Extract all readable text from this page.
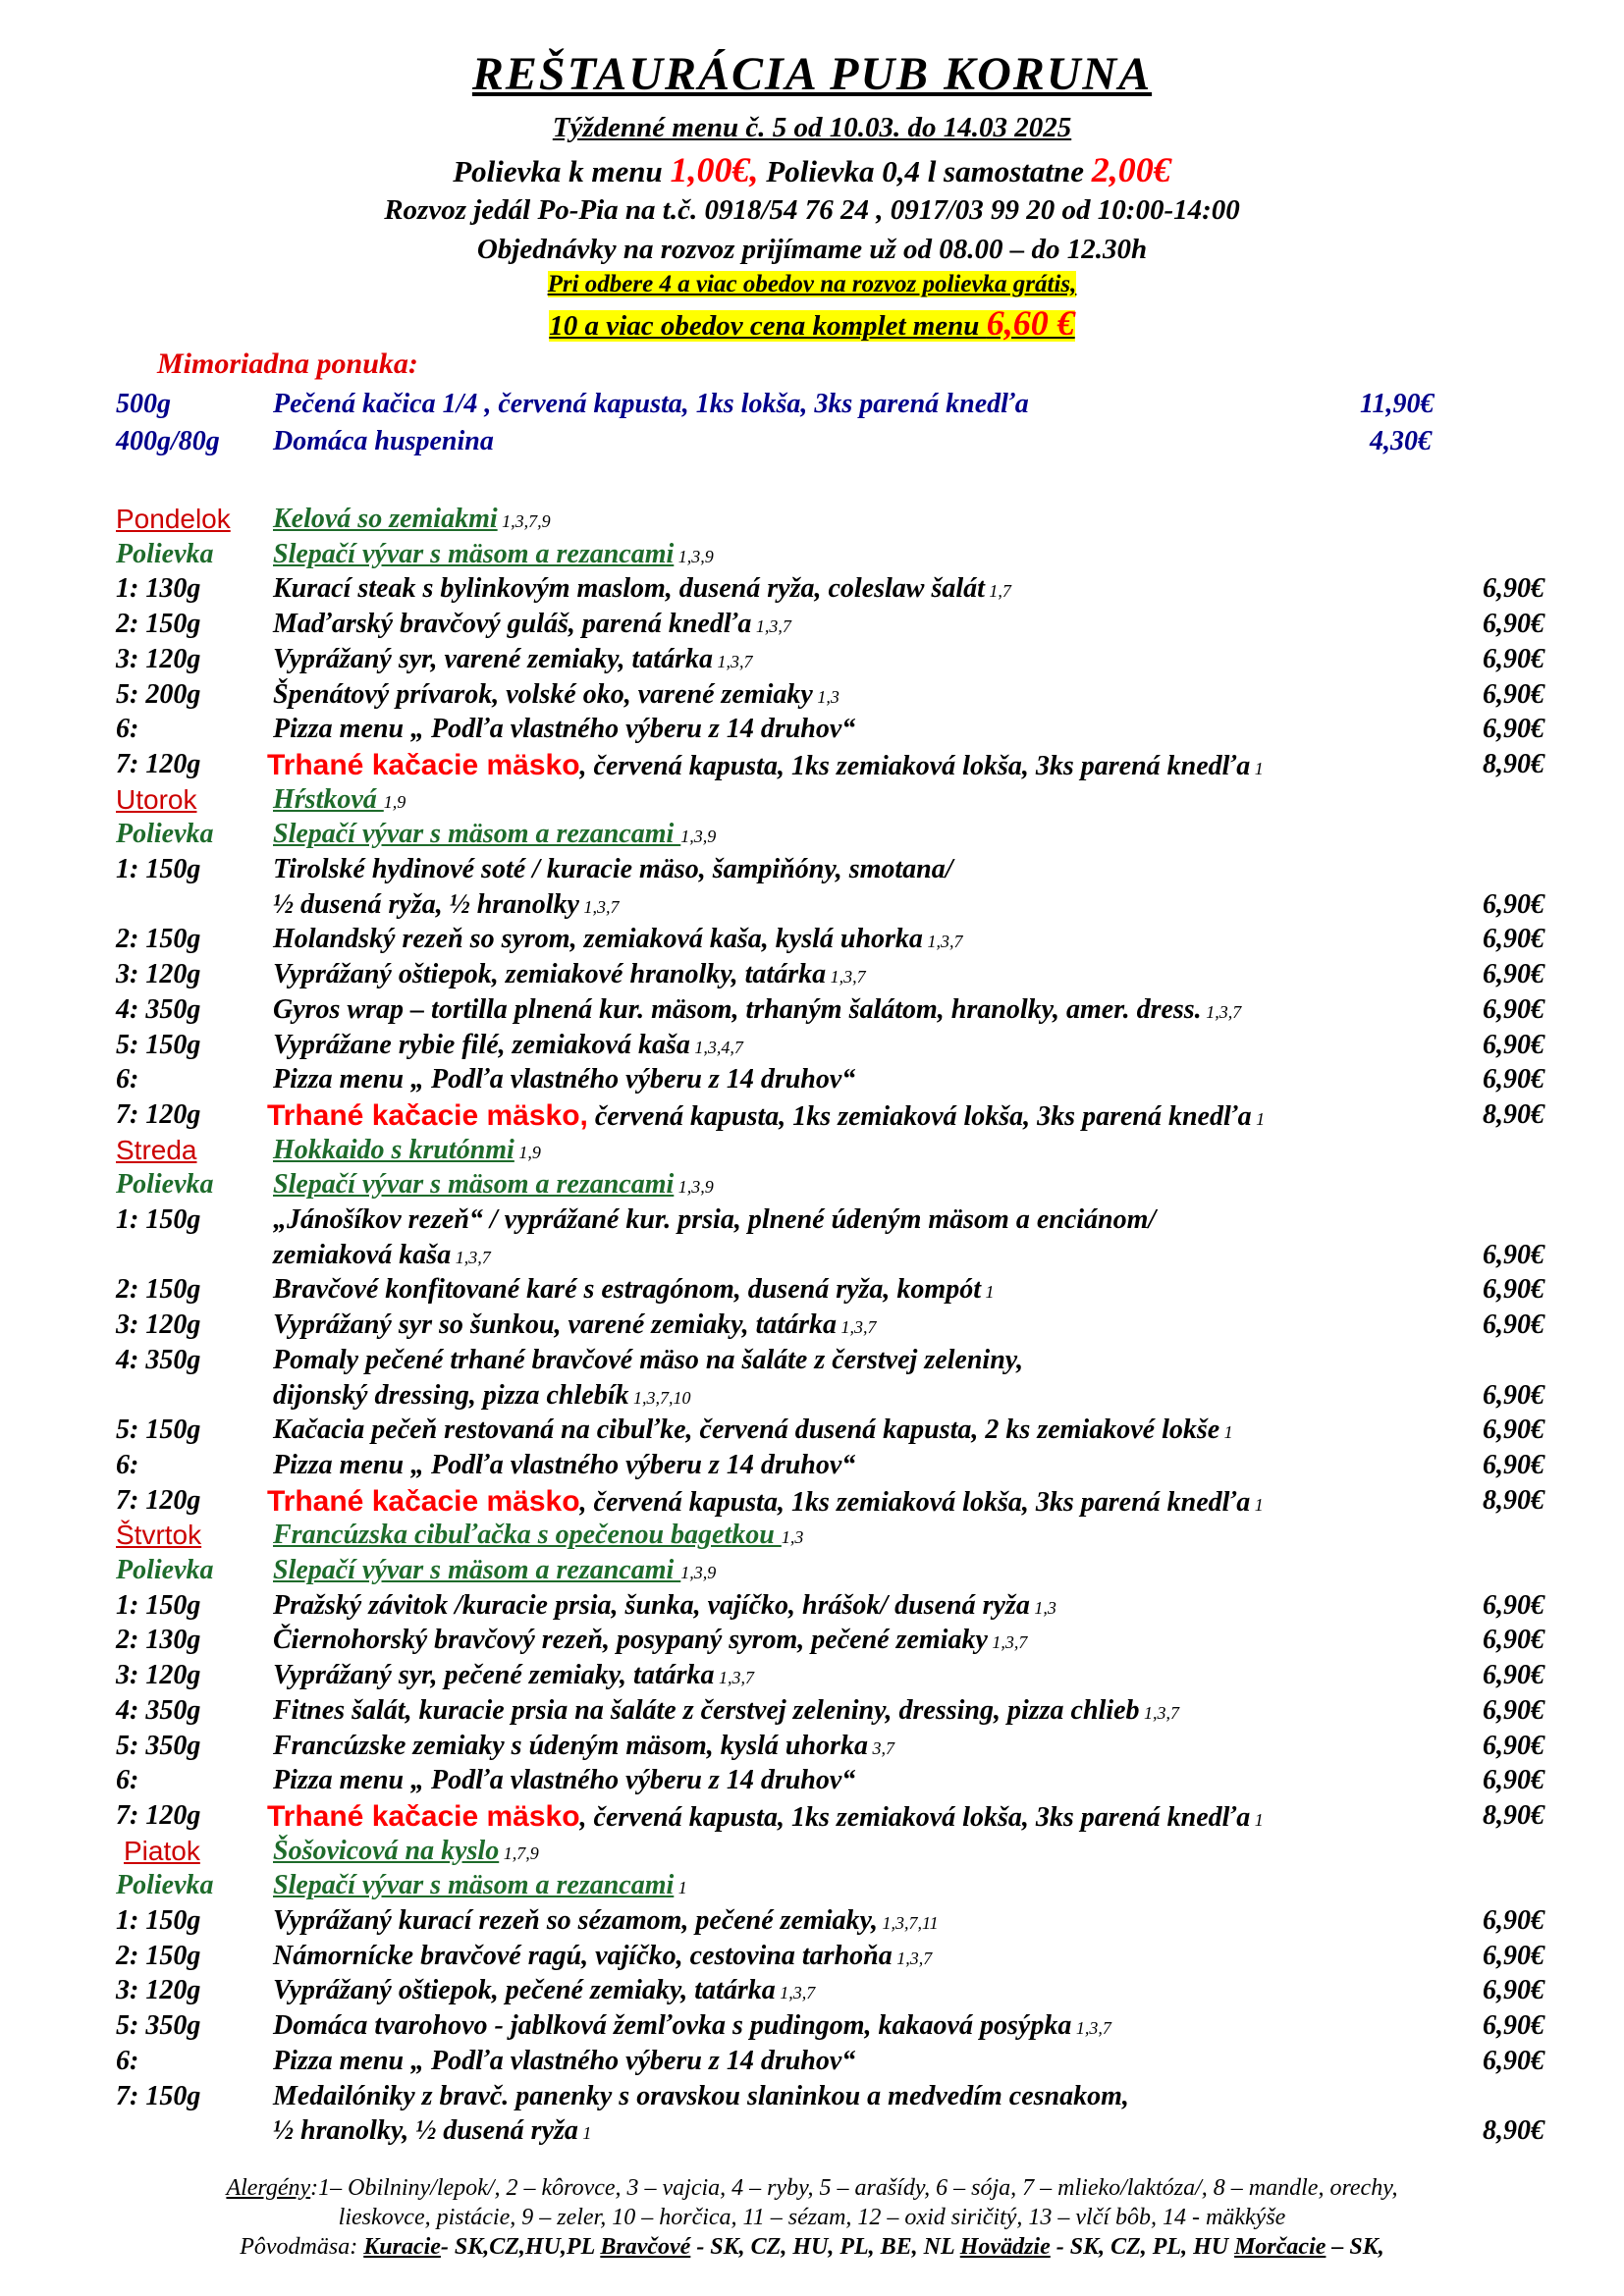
REŠTAURÁCIA PUB KORUNA
Týždenné menu č. 5 od 10.03. do 14.03 2025
Polievka k menu 1,00€, Polievka 0,4 l samostatne 2,00€
Rozvoz jedál Po-Pia na t.č. 0918/54 76 24 , 0917/03 99 20 od 10:00-14:00
Objednávky na rozvoz prijímame už od 08.00 – do 12.30h
Pri odbere 4 a viac obedov na rozvoz polievka grátis,
10 a viac obedov cena komplet menu 6,60 €
Mimoriadna ponuka:
500g	Pečená kačica 1/4 , červená kapusta, 1ks lokša, 3ks parená knedľa	11,90€
400g/80g Domáca huspenina	4,30€
Pondelok Kelová so zemiakmi 1,3,7,9
Polievka Slepačí vývar s mäsom a rezancami 1,3,9
1: 130g	Kurací steak s bylinkovým maslom, dusená ryža, coleslaw šalát 1,7	6,90€
2: 150g	Maďarský bravčový guláš, parená knedľa 1,3,7	6,90€
3: 120g	Vyprážaný syr, varené zemiaky, tatárka 1,3,7	6,90€
5: 200g	Špenátový prívarok, volské oko, varené zemiaky 1,3	6,90€
6:	Pizza menu „ Podľa vlastného výberu z 14 druhov“	6,90€
7: 120g Trhané kačacie mäsko, červená kapusta, 1ks zemiaková lokša, 3ks parená knedľa 1	8,90€
Utorok	Hŕstková 1,9
Polievka Slepačí vývar s mäsom a rezancami 1,3,9
1: 150g	Tirolské hydinové soté / kuracie mäso, šampiňóny, smotana/
½ dusená ryža, ½ hranolky 1,3,7	6,90€
2: 150g	Holandský rezeň so syrom, zemiaková kaša, kyslá uhorka 1,3,7	6,90€
3: 120g	Vyprážaný oštiepok, zemiakové hranolky, tatárka 1,3,7	6,90€
4: 350g	Gyros wrap – tortilla plnená kur. mäsom, trhaným šalátom, hranolky, amer. dress. 1,3,7	6,90€
5: 150g	Vyprážane rybie filé, zemiaková kaša 1,3,4,7	6,90€
6:	Pizza menu „ Podľa vlastného výberu z 14 druhov“	6,90€
7: 120g Trhané kačacie mäsko, červená kapusta, 1ks zemiaková lokša, 3ks parená knedľa 1	8,90€
Streda	Hokkaido s krutónmi 1,9
Polievka Slepačí vývar s mäsom a rezancami 1,3,9
1: 150g	„Jánošíkov rezeň“ / vyprážané kur. prsia, plnené údeným mäsom a enciánom/
zemiaková kaša 1,3,7	6,90€
2: 150g	Bravčové konfitované karé s estragónom, dusená ryža, kompót 1	6,90€
3: 120g	Vyprážaný syr so šunkou, varené zemiaky, tatárka 1,3,7	6,90€
4: 350g	Pomaly pečené trhané bravčové mäso na šaláte z čerstvej zeleniny,
dijonský dressing, pizza chlebík 1,3,7,10	6,90€
5: 150g	Kačacia pečeň restovaná na cibuľke, červená dusená kapusta, 2 ks zemiakové lokše 1	6,90€
6:	Pizza menu „ Podľa vlastného výberu z 14 druhov“	6,90€
7: 120g Trhané kačacie mäsko, červená kapusta, 1ks zemiaková lokša, 3ks parená knedľa 1	8,90€
Štvrtok	Francúzska cibuľačka s opečenou bagetkou 1,3
Polievka Slepačí vývar s mäsom a rezancami 1,3,9
1: 150g	Pražský závitok /kuracie prsia, šunka, vajíčko, hrášok/ dusená ryža 1,3	6,90€
2: 130g	Čiernohorský bravčový rezeň, posypaný syrom, pečené zemiaky 1,3,7	6,90€
3: 120g	Vyprážaný syr, pečené zemiaky, tatárka 1,3,7	6,90€
4: 350g	Fitnes šalát, kuracie prsia na šaláte z čerstvej zeleniny, dressing, pizza chlieb 1,3,7	6,90€
5: 350g	Francúzske zemiaky s údeným mäsom, kyslá uhorka 3,7	6,90€
6:	Pizza menu „ Podľa vlastného výberu z 14 druhov“	6,90€
7: 120g Trhané kačacie mäsko, červená kapusta, 1ks zemiaková lokša, 3ks parená knedľa 1	8,90€
Piatok	Šošovicová na kyslo 1,7,9
Polievka Slepačí vývar s mäsom a rezancami 1
1: 150g	Vyprážaný kurací rezeň so sézamom, pečené zemiaky, 1,3,7,11	6,90€
2: 150g	Námornícke bravčové ragú, vajíčko, cestovina tarhoňa 1,3,7	6,90€
3: 120g	Vyprážaný oštiepok, pečené zemiaky, tatárka 1,3,7	6,90€
5: 350g	Domáca tvarohovo - jablková žemľovka s pudingom, kakaová posýpka 1,3,7	6,90€
6:	Pizza menu „ Podľa vlastného výberu z 14 druhov“	6,90€
7: 150g	Medailóniky z bravč. panenky s oravskou slaninkou a medvedím cesnakom,
½ hranolky, ½ dusená ryža 1	8,90€
Alergény:1– Obilniny/lepok/, 2 – kôrovce, 3 – vajcia, 4 – ryby, 5 – arašídy, 6 – sója, 7 – mlieko/laktóza/, 8 – mandle, orechy,
lieskovce, pistácie, 9 – zeler, 10 – horčica, 11 – sézam, 12 – oxid siričitý, 13 – vlčí bôb, 14 - mäkkýše
Pôvodmäsa: Kuracie- SK,CZ,HU,PL Bravčové - SK, CZ, HU, PL, BE, NL Hovädzie - SK, CZ, PL, HU Morčacie – SK,
